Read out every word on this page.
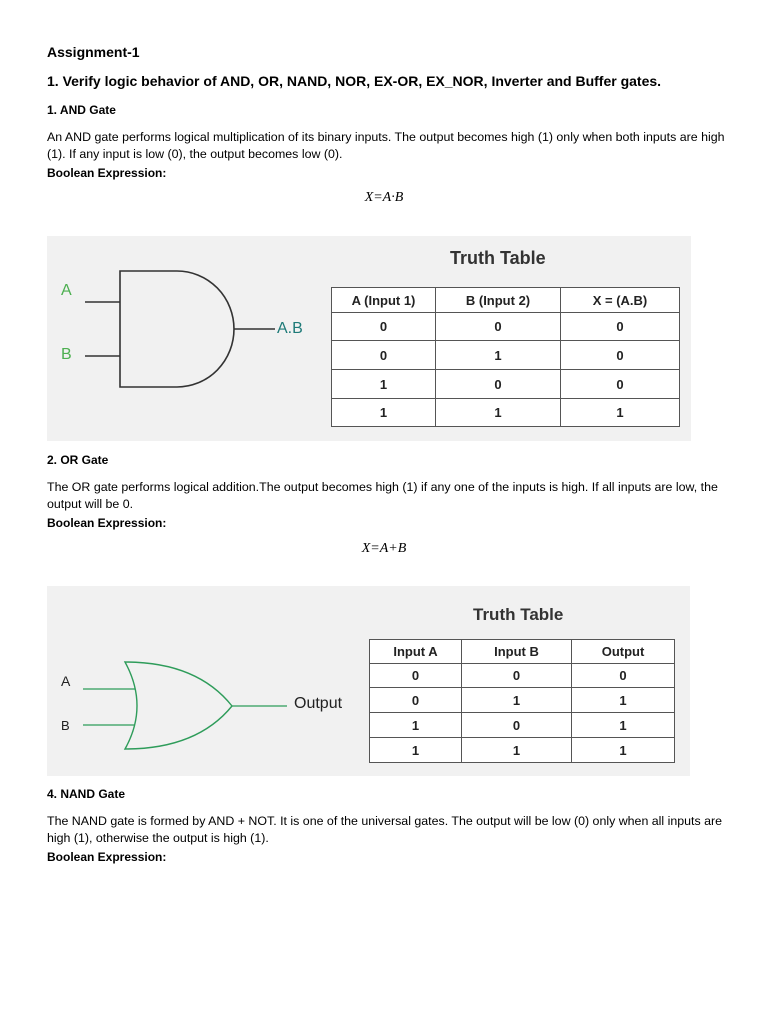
Assignment-1
1. Verify logic behavior of AND, OR, NAND, NOR, EX-OR, EX_NOR, Inverter and Buffer gates.
1. AND Gate
An AND gate performs logical multiplication of its binary inputs. The output becomes high (1) only when both inputs are high (1). If any input is low (0), the output becomes low (0).
Boolean Expression:
X=A·B
A
B
A.B
Truth Table
A (Input 1)	B (Input 2)	X = (A.B)
0	0	0
0	1	0
1	0	0
1	1	1
2. OR Gate
The OR gate performs logical addition.The output becomes high (1) if any one of the inputs is high. If all inputs are low, the output will be 0.
Boolean Expression:
X=A+B
A
B
Output
Truth Table
Input A	Input B	Output
0	0	0
0	1	1
1	0	1
1	1	1
4. NAND Gate
The NAND gate is formed by AND + NOT. It is one of the universal gates. The output will be low (0) only when all inputs are high (1), otherwise the output is high (1).
Boolean Expression:
